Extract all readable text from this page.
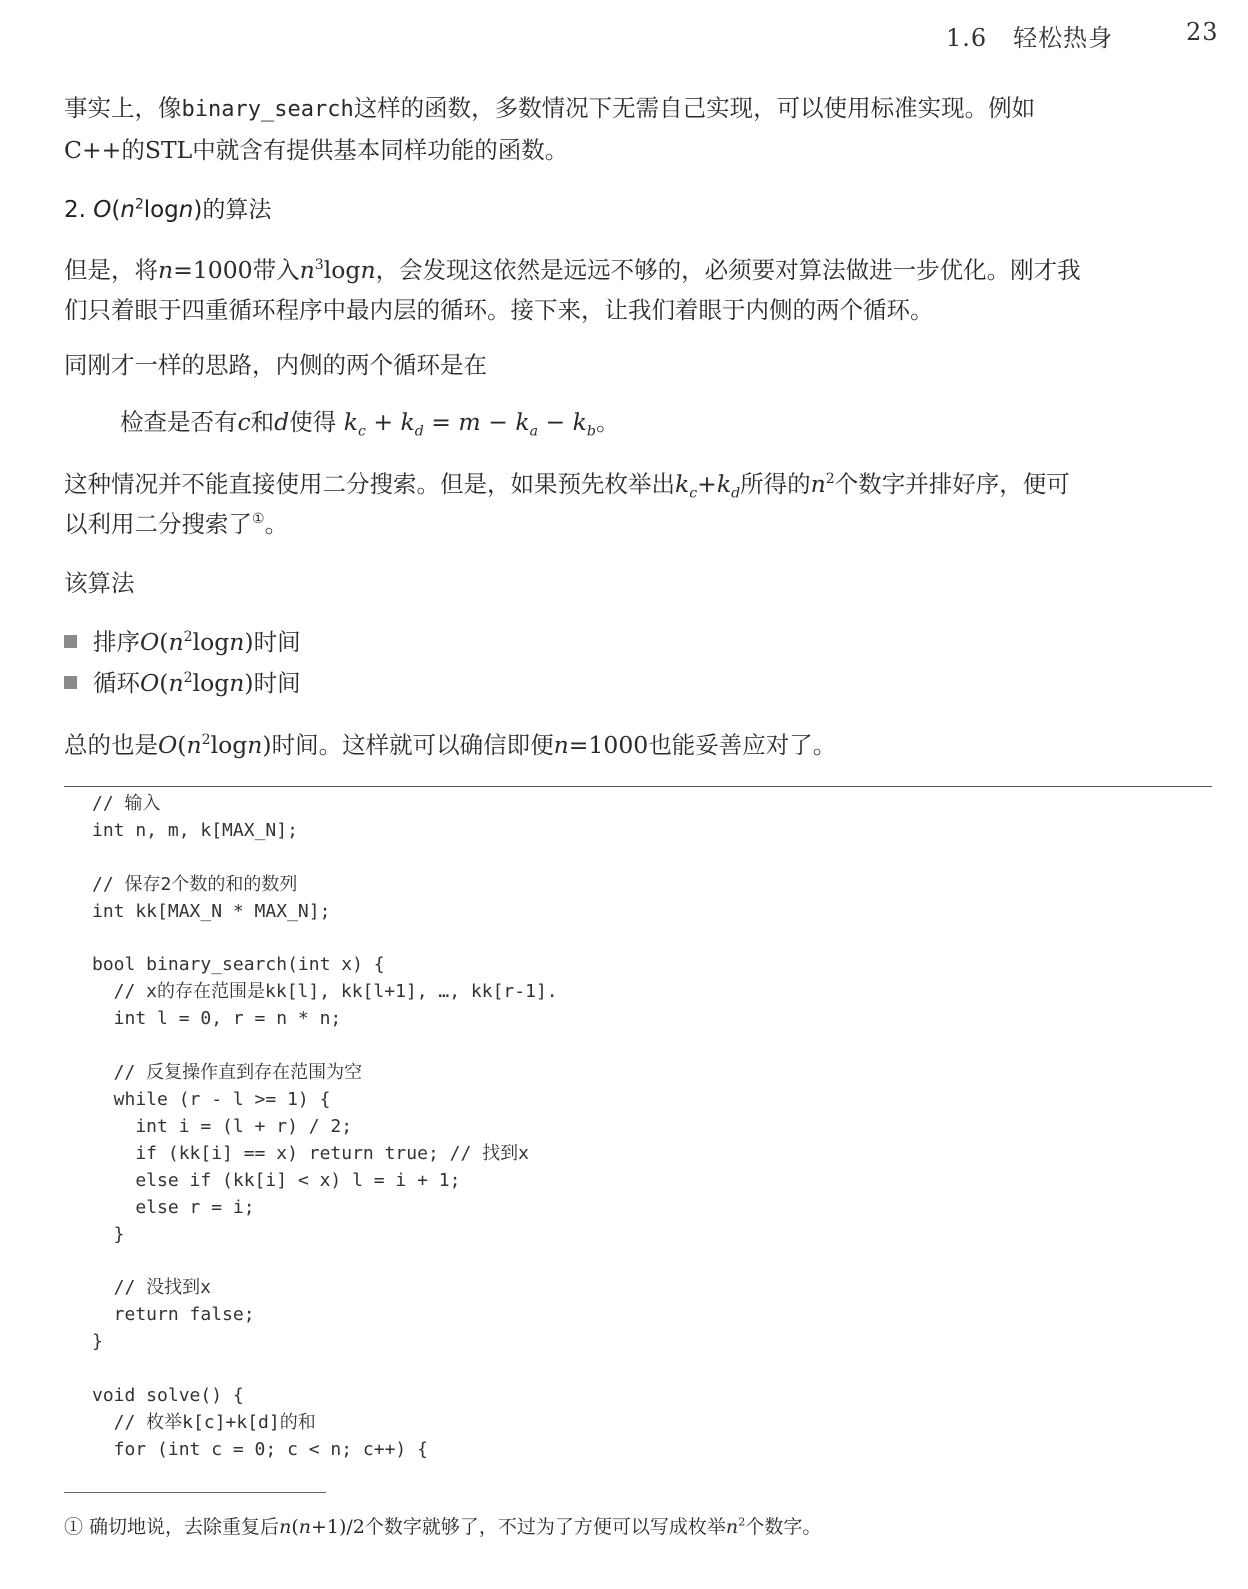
1.6 轻松热身	23
事实上，像binary_search这样的函数，多数情况下无需自己实现，可以使用标准实现。例如
C++的STL中就含有提供基本同样功能的函数。
2. $O(n^2\log n)$的算法
但是，将n=1000带入$n^3\log n$，会发现这依然是远远不够的，必须要对算法做进一步优化。刚才我
们只着眼于四重循环程序中最内层的循环。接下来，让我们着眼于内侧的两个循环。
同刚才一样的思路，内侧的两个循环是在
检查是否有c和d使得 $k_c + k_d = m - k_a - k_b$。
这种情况并不能直接使用二分搜索。但是，如果预先枚举出$k_c+k_d$所得的$n^2$个数字并排好序，便可
以利用二分搜索了①。
该算法
排序$O(n^2\log n)$时间
循环$O(n^2\log n)$时间
总的也是$O(n^2\log n)$时间。这样就可以确信即便n=1000也能妥善应对了。
// 输入
int n, m, k[MAX_N];

// 保存2个数的和的数列
int kk[MAX_N * MAX_N];

bool binary_search(int x) {
// x的存在范围是kk[l], kk[l+1], …, kk[r-1].
int l = 0, r = n * n;

// 反复操作直到存在范围为空
while (r - l >= 1) {
int i = (l + r) / 2;
if (kk[i] == x) return true; // 找到x
else if (kk[i] < x) l = i + 1;
else r = i;
}

// 没找到x
return false;
}

void solve() {
// 枚举k[c]+k[d]的和
for (int c = 0; c < n; c++) {
① 确切地说，去除重复后n(n+1)/2个数字就够了，不过为了方便可以写成枚举$n^2$个数字。
